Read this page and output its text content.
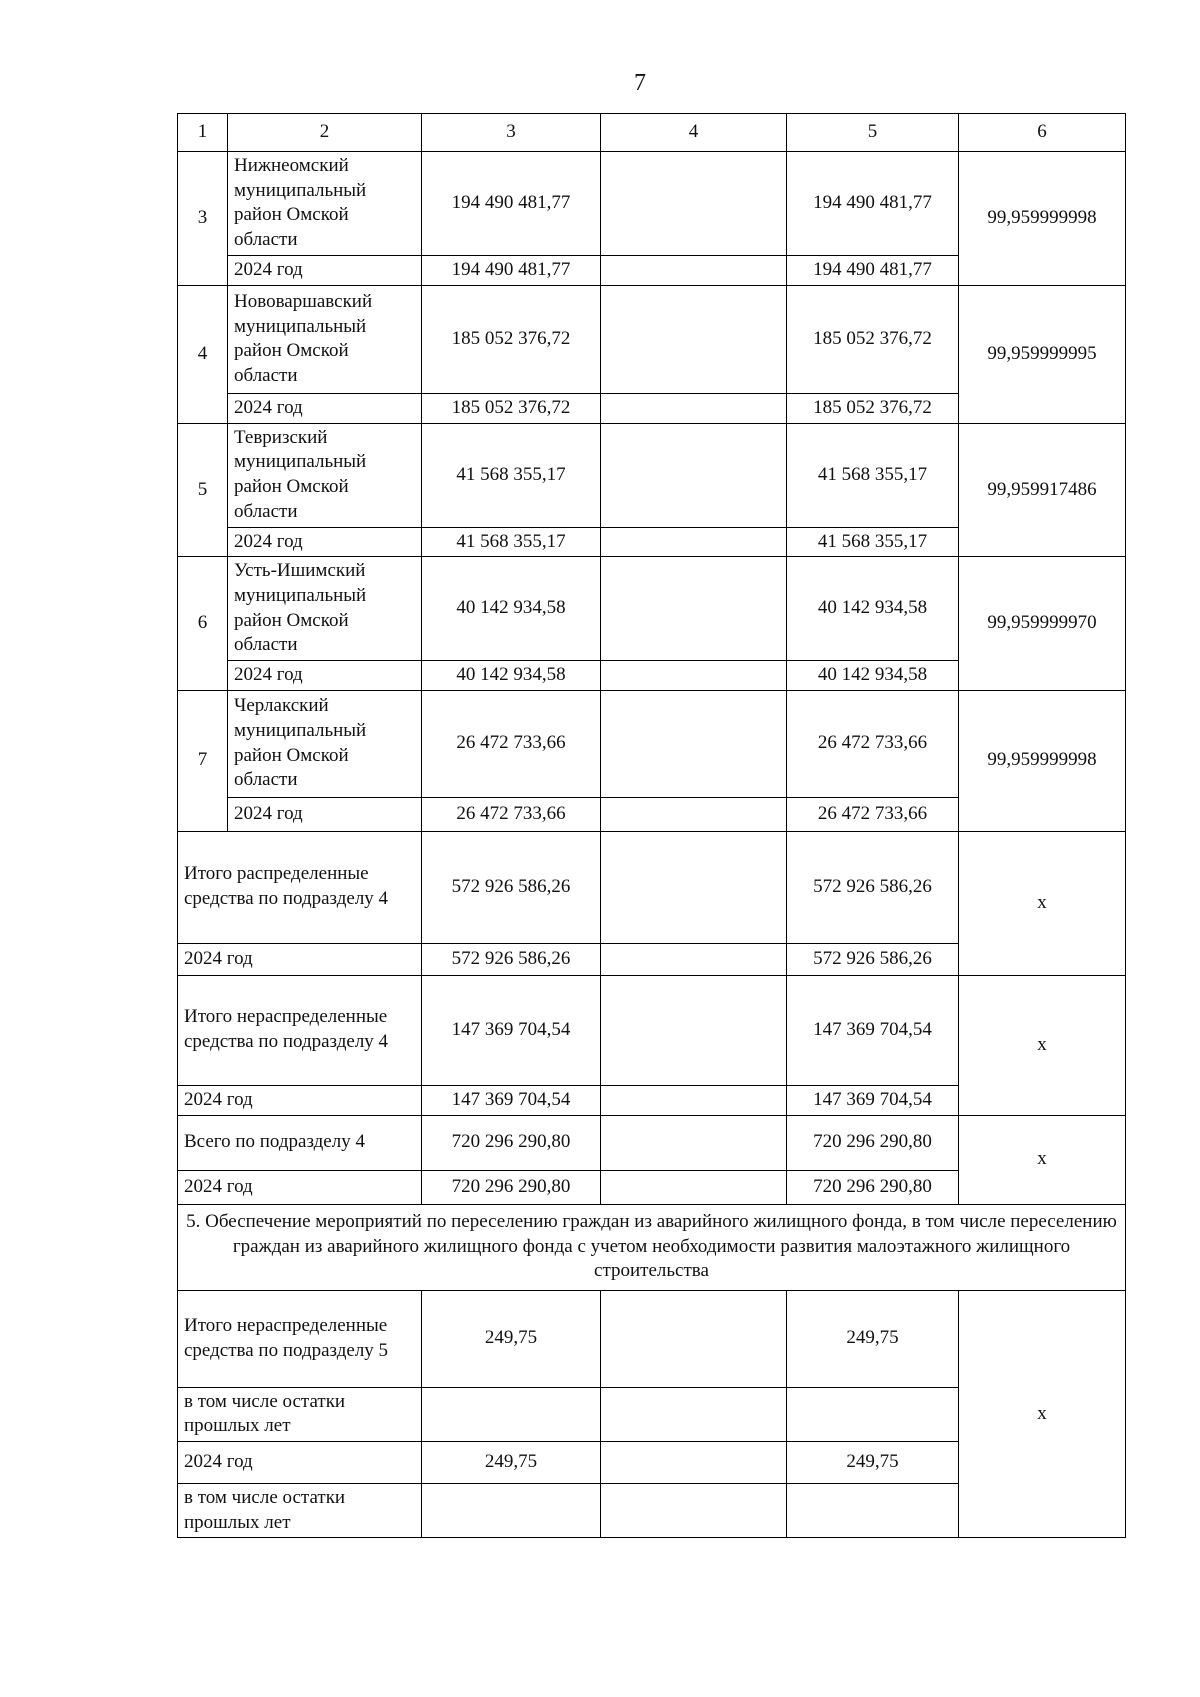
7
1	2	3	4	5	6
3	Нижнеомский муниципальный район Омской области	194 490 481,77		194 490 481,77	99,959999998
	2024 год	194 490 481,77		194 490 481,77	
4	Нововаршавский муниципальный район Омской области	185 052 376,72		185 052 376,72	99,959999995
	2024 год	185 052 376,72		185 052 376,72	
5	Тевризский муниципальный район Омской области	41 568 355,17		41 568 355,17	99,959917486
	2024 год	41 568 355,17		41 568 355,17	
6	Усть-Ишимский муниципальный район Омской области	40 142 934,58		40 142 934,58	99,959999970
	2024 год	40 142 934,58		40 142 934,58	
7	Черлакский муниципальный район Омской области	26 472 733,66		26 472 733,66	99,959999998
	2024 год	26 472 733,66		26 472 733,66	
Итого распределенные средства по подразделу 4		572 926 586,26		572 926 586,26	х
2024 год		572 926 586,26		572 926 586,26	
Итого нераспределенные средства по подразделу 4		147 369 704,54		147 369 704,54	х
2024 год		147 369 704,54		147 369 704,54	
Всего по подразделу 4		720 296 290,80		720 296 290,80	х
2024 год		720 296 290,80		720 296 290,80	
5. Обеспечение мероприятий по переселению граждан из аварийного жилищного фонда, в том числе переселению граждан из аварийного жилищного фонда с учетом необходимости развития малоэтажного жилищного строительства					
Итого нераспределенные средства по подразделу 5		249,75		249,75	х
в том числе остатки прошлых лет					
2024 год		249,75		249,75	
в том числе остатки прошлых лет					
